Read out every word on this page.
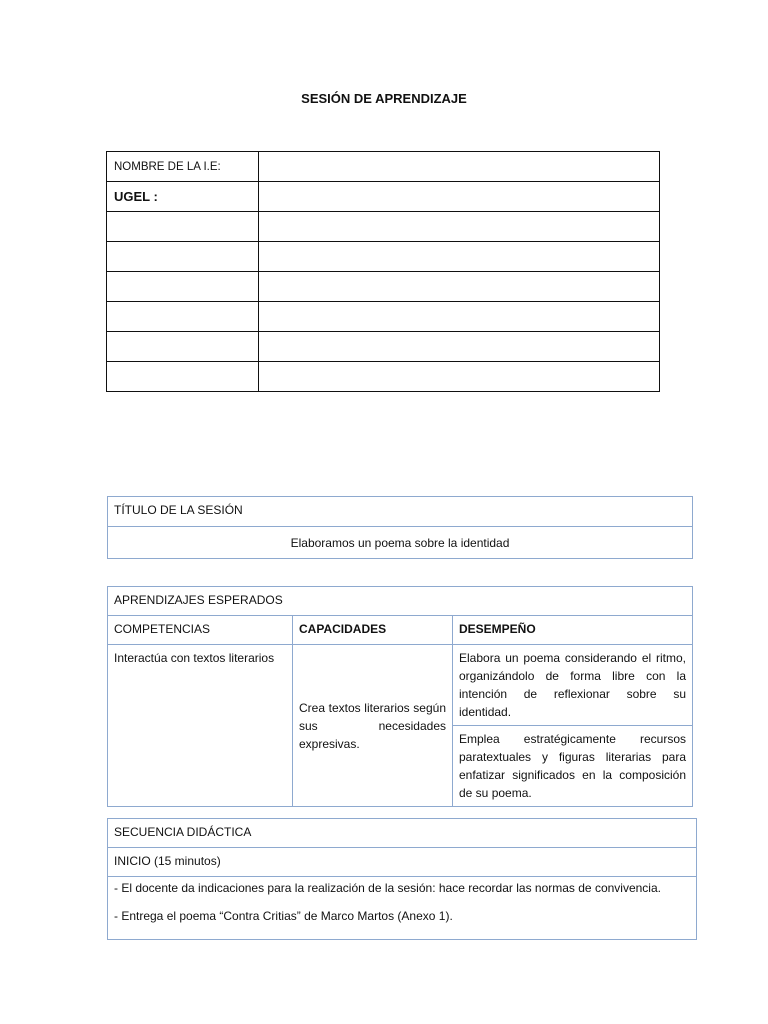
SESIÓN DE APRENDIZAJE
NOMBRE DE LA I.E:	
UGEL :	

TÍTULO DE LA SESIÓN
Elaboramos un poema sobre la identidad
APRENDIZAJES ESPERADOS		
COMPETENCIAS	CAPACIDADES	DESEMPEÑO
Interactúa con textos literarios	Crea textos literarios según sus necesidades expresivas.	Elabora un poema considerando el ritmo, organizándolo de forma libre con la intención de reflexionar sobre su identidad.
		Emplea estratégicamente recursos paratextuales y figuras literarias para enfatizar significados en la composición de su poema.
SECUENCIA DIDÁCTICA
INICIO (15 minutos)

- El docente da indicaciones para la realización de la sesión: hace recordar las normas de convivencia.

- Entrega el poema “Contra Critias” de Marco Martos (Anexo 1).
